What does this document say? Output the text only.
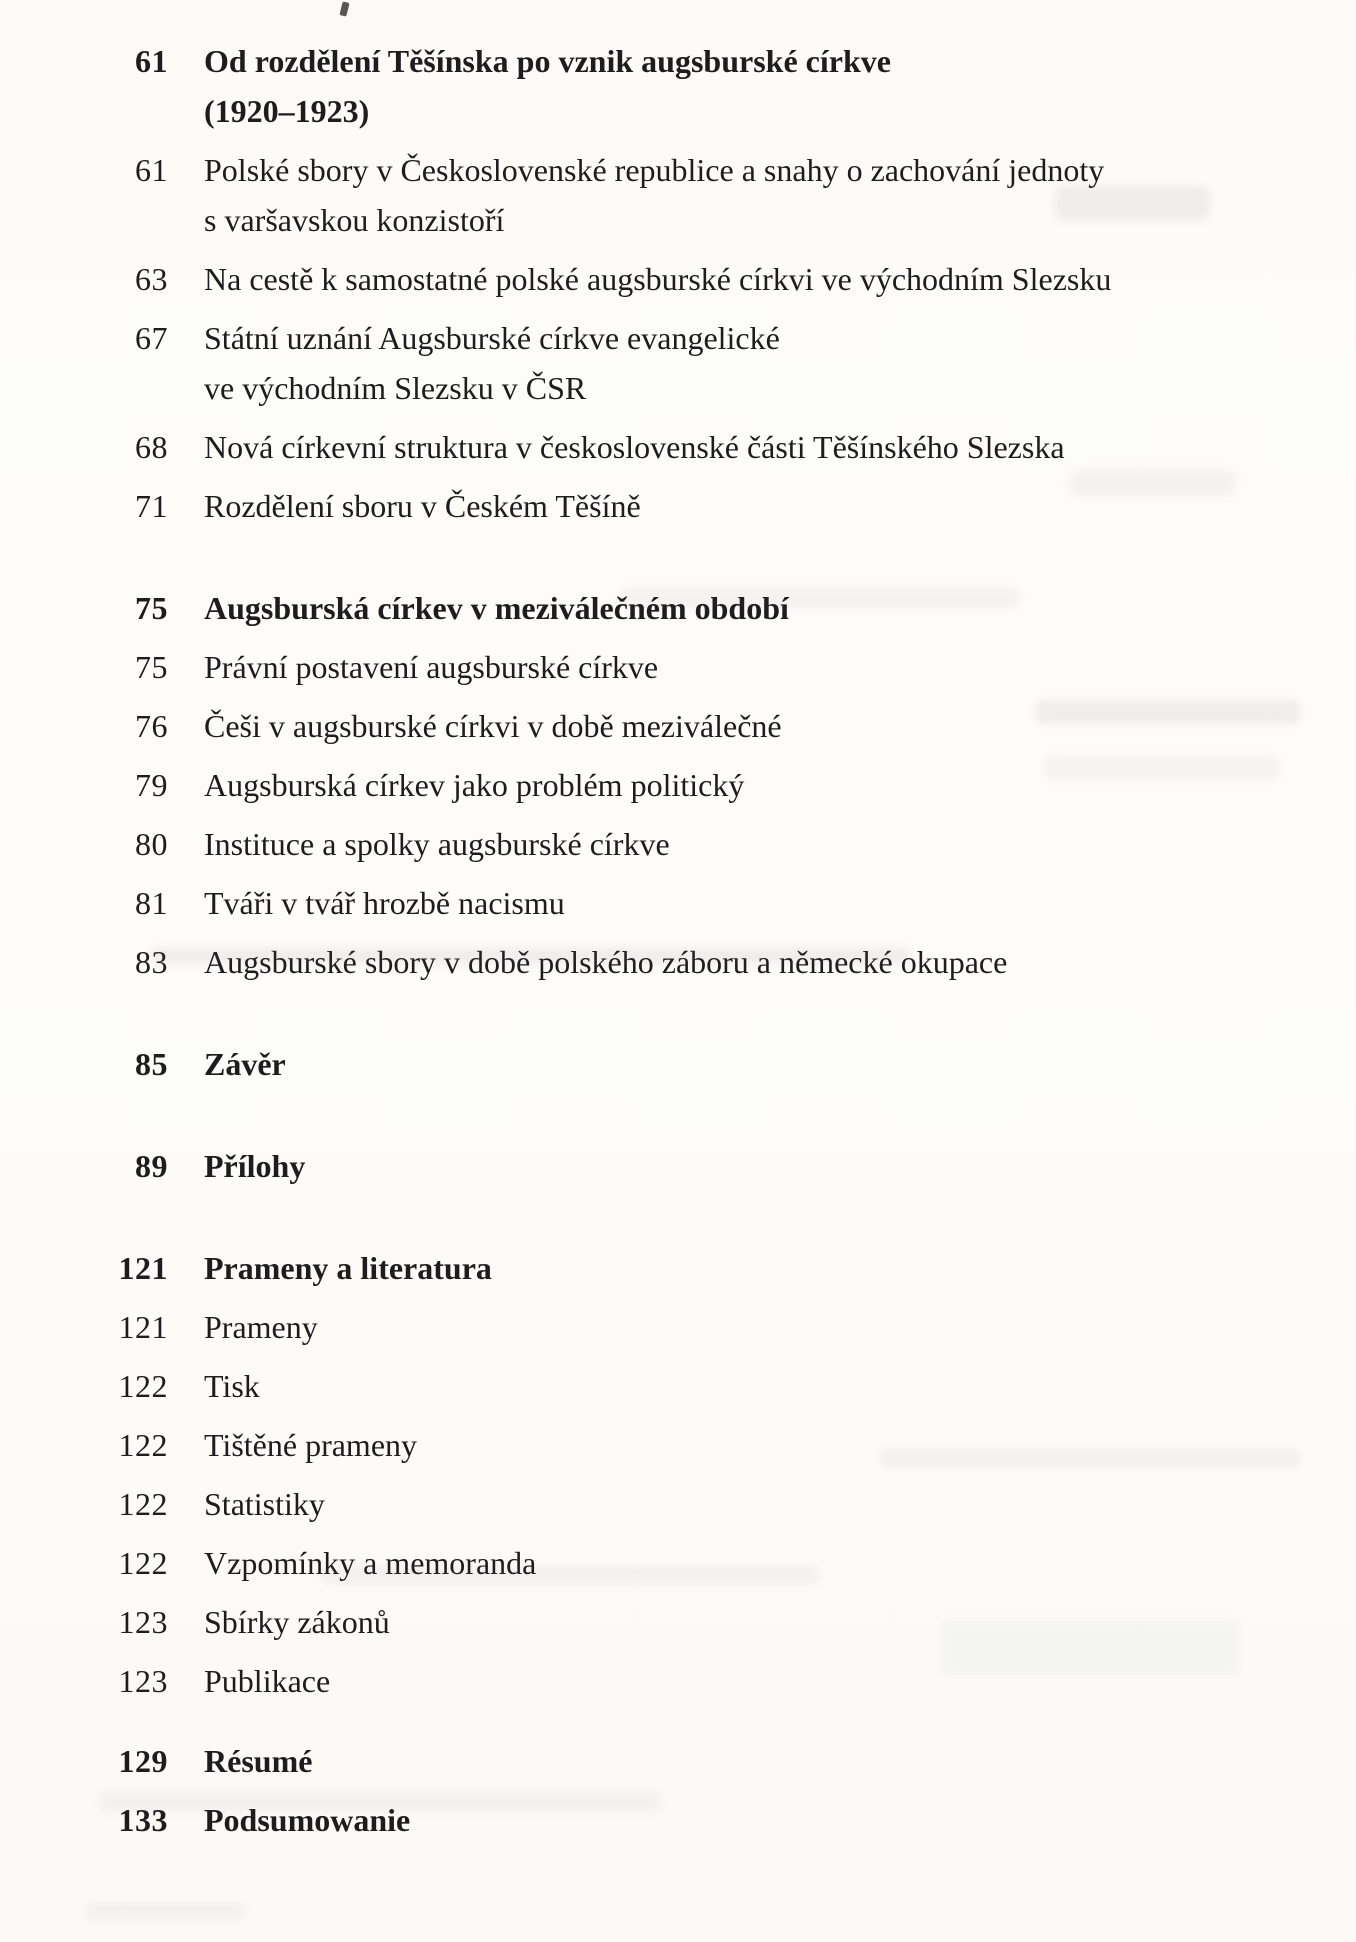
61 Od rozdělení Těšínska po vznik augsburské církve
(1920–1923)
61 Polské sbory v Československé republice a snahy o zachování jednoty
s varšavskou konzistoří
63 Na cestě k samostatné polské augsburské církvi ve východním Slezsku
67 Státní uznání Augsburské církve evangelické
ve východním Slezsku v ČSR
68 Nová církevní struktura v československé části Těšínského Slezska
71 Rozdělení sboru v Českém Těšíně
75 Augsburská církev v meziválečném období
75 Právní postavení augsburské církve
76 Češi v augsburské církvi v době meziválečné
79 Augsburská církev jako problém politický
80 Instituce a spolky augsburské církve
81 Tváři v tvář hrozbě nacismu
83 Augsburské sbory v době polského záboru a německé okupace
85 Závěr
89 Přílohy
121 Prameny a literatura
121 Prameny
122 Tisk
122 Tištěné prameny
122 Statistiky
122 Vzpomínky a memoranda
123 Sbírky zákonů
123 Publikace
129 Résumé
133 Podsumowanie
